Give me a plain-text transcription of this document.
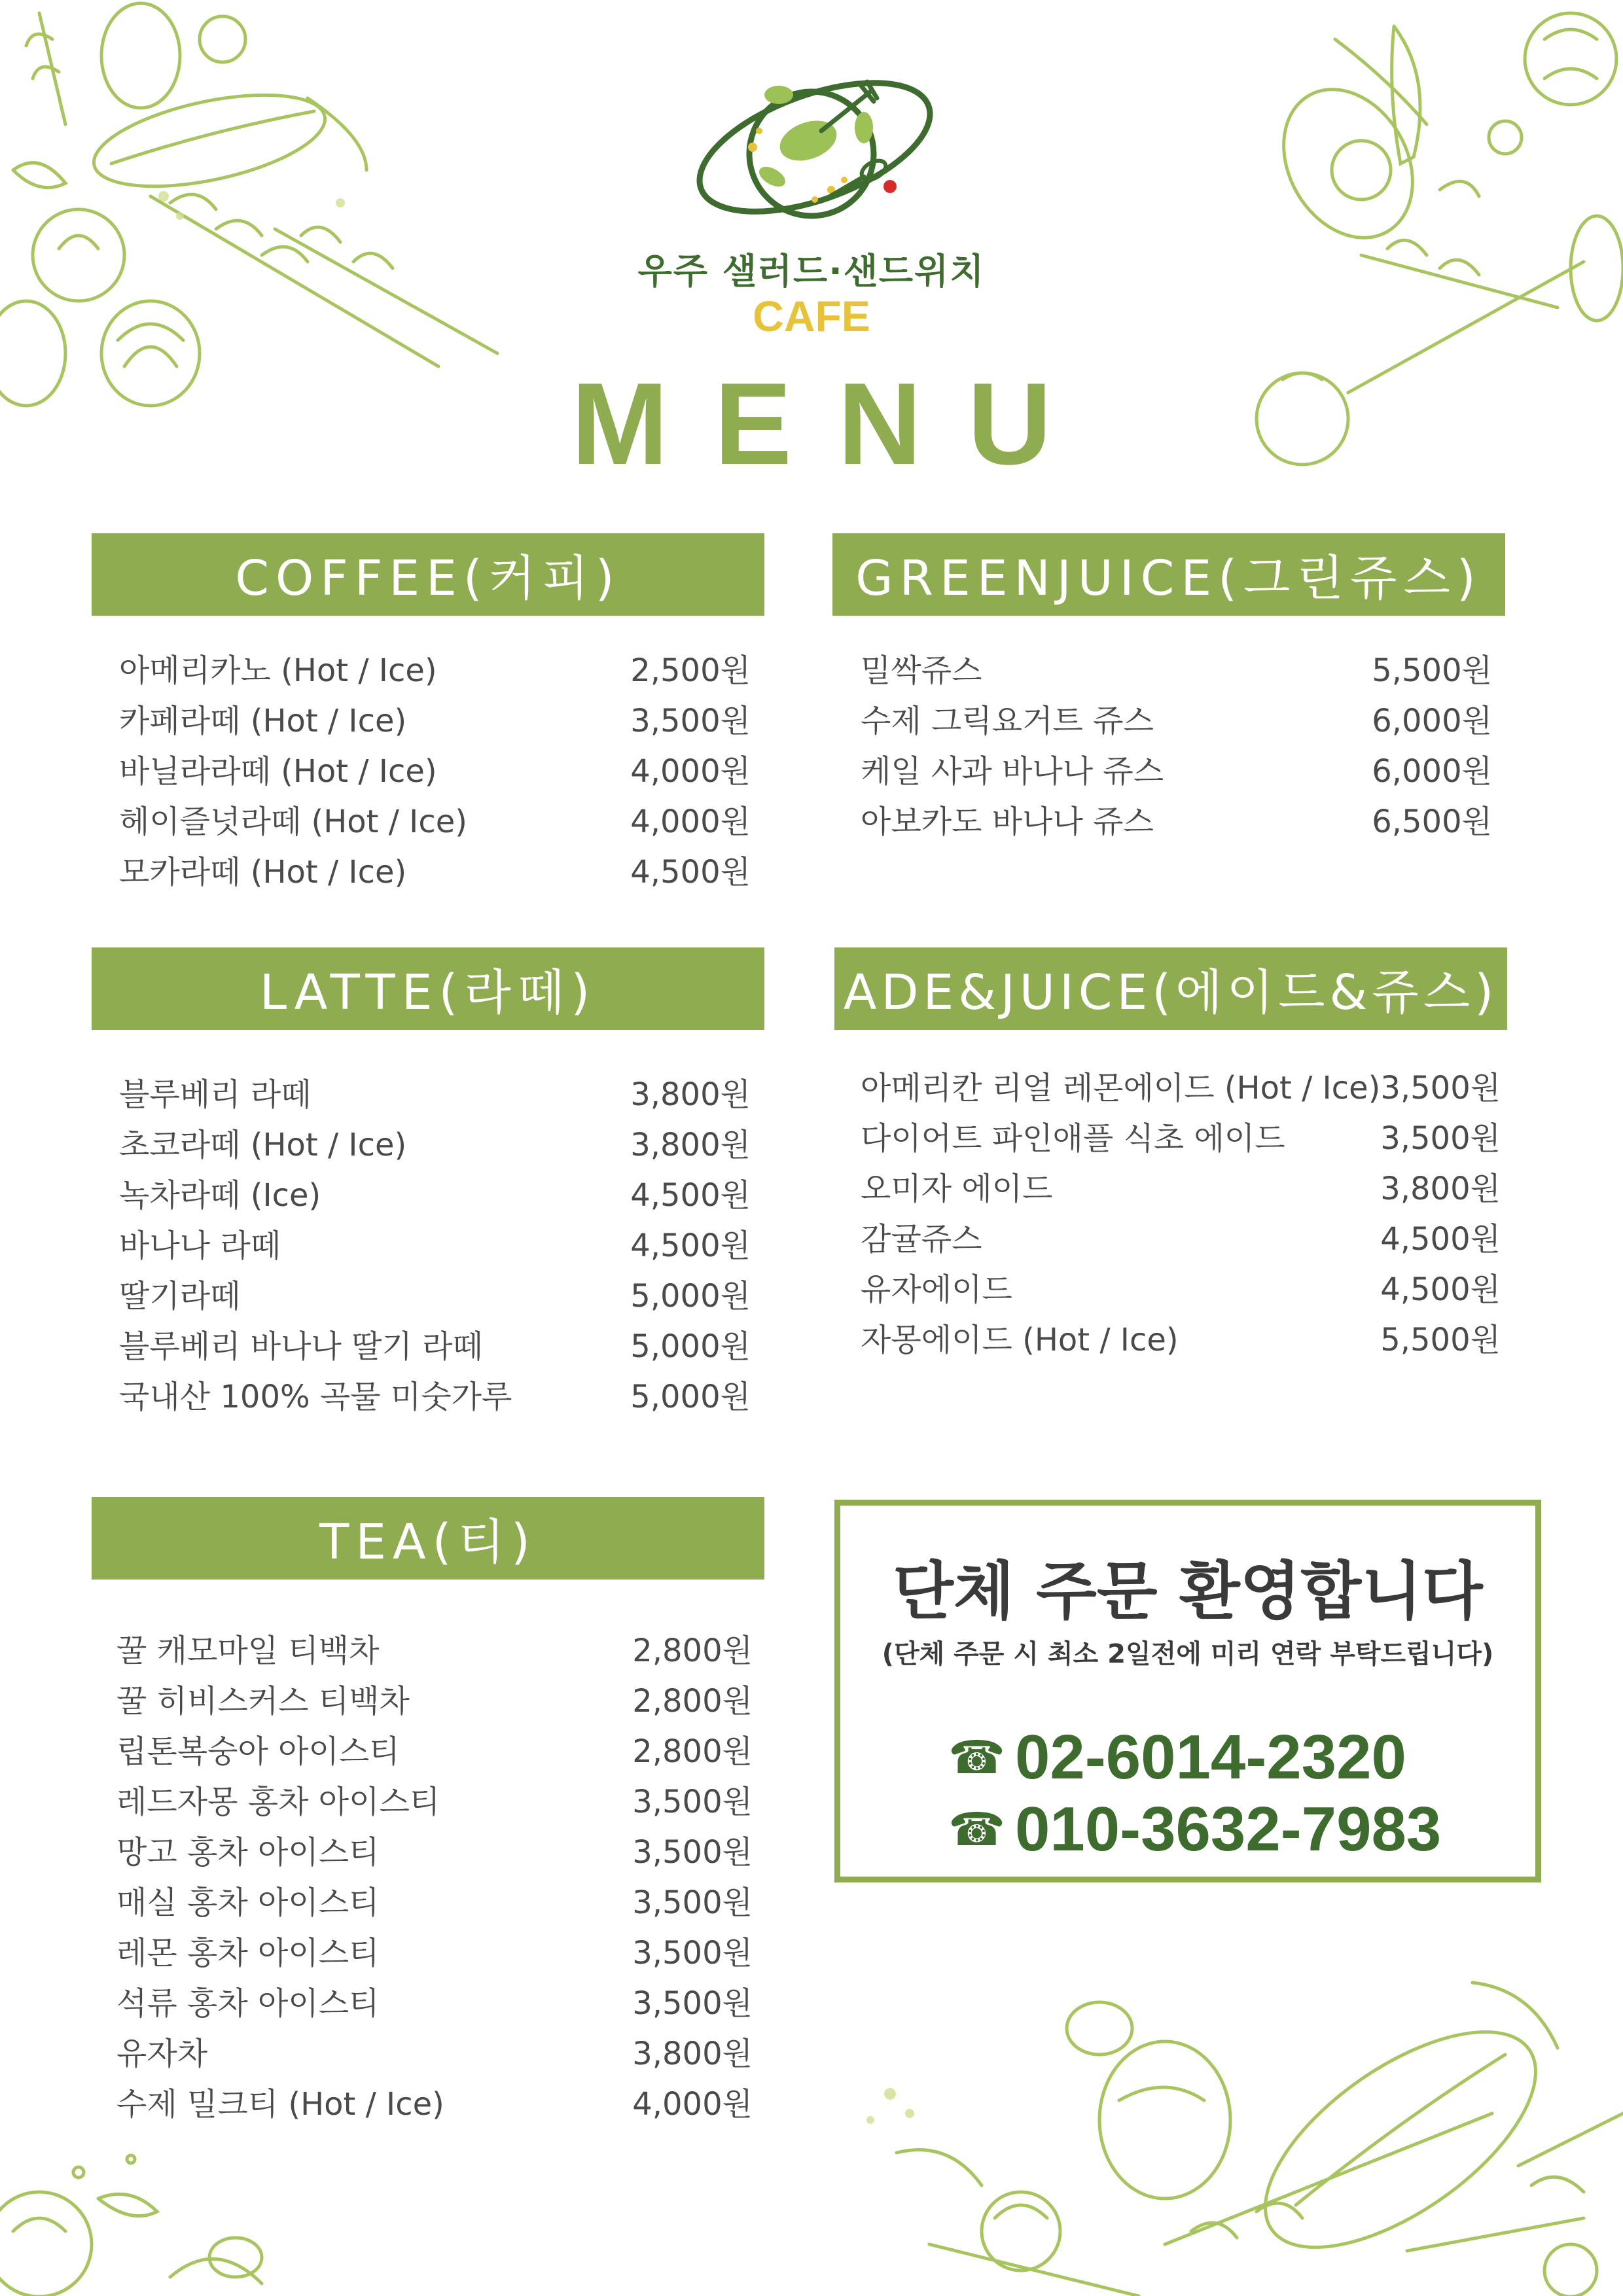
우주 샐러드·샌드위치
CAFE
MENU
COFFEE(커피)
아메리카노 (Hot / Ice)	2,500원
카페라떼 (Hot / Ice)	3,500원
바닐라라떼 (Hot / Ice)	4,000원
헤이즐넛라떼 (Hot / Ice)	4,000원
모카라떼 (Hot / Ice)	4,500원
GREENJUICE(그린쥬스)
밀싹쥬스	5,500원
수제 그릭요거트 쥬스	6,000원
케일 사과 바나나 쥬스	6,000원
아보카도 바나나 쥬스	6,500원
LATTE(라떼)
블루베리 라떼	3,800원
초코라떼 (Hot / Ice)	3,800원
녹차라떼 (Ice)	4,500원
바나나 라떼	4,500원
딸기라떼	5,000원
블루베리 바나나 딸기 라떼	5,000원
국내산 100% 곡물 미숫가루	5,000원
ADE&JUICE(에이드&쥬스)
아메리칸 리얼 레몬에이드 (Hot / Ice) 3,500원
다이어트 파인애플 식초 에이드	3,500원
오미자 에이드	3,800원
감귤쥬스	4,500원
유자에이드	4,500원
자몽에이드 (Hot / Ice)	5,500원
TEA(티)
꿀 캐모마일 티백차	2,800원
꿀 히비스커스 티백차	2,800원
립톤복숭아 아이스티	2,800원
레드자몽 홍차 아이스티	3,500원
망고 홍차 아이스티	3,500원
매실 홍차 아이스티	3,500원
레몬 홍차 아이스티	3,500원
석류 홍차 아이스티	3,500원
유자차	3,800원
수제 밀크티 (Hot / Ice)	4,000원
단체 주문 환영합니다
(단체 주문 시 최소 2일전에 미리 연락 부탁드립니다)
☎ 02-6014-2320
☎ 010-3632-7983
